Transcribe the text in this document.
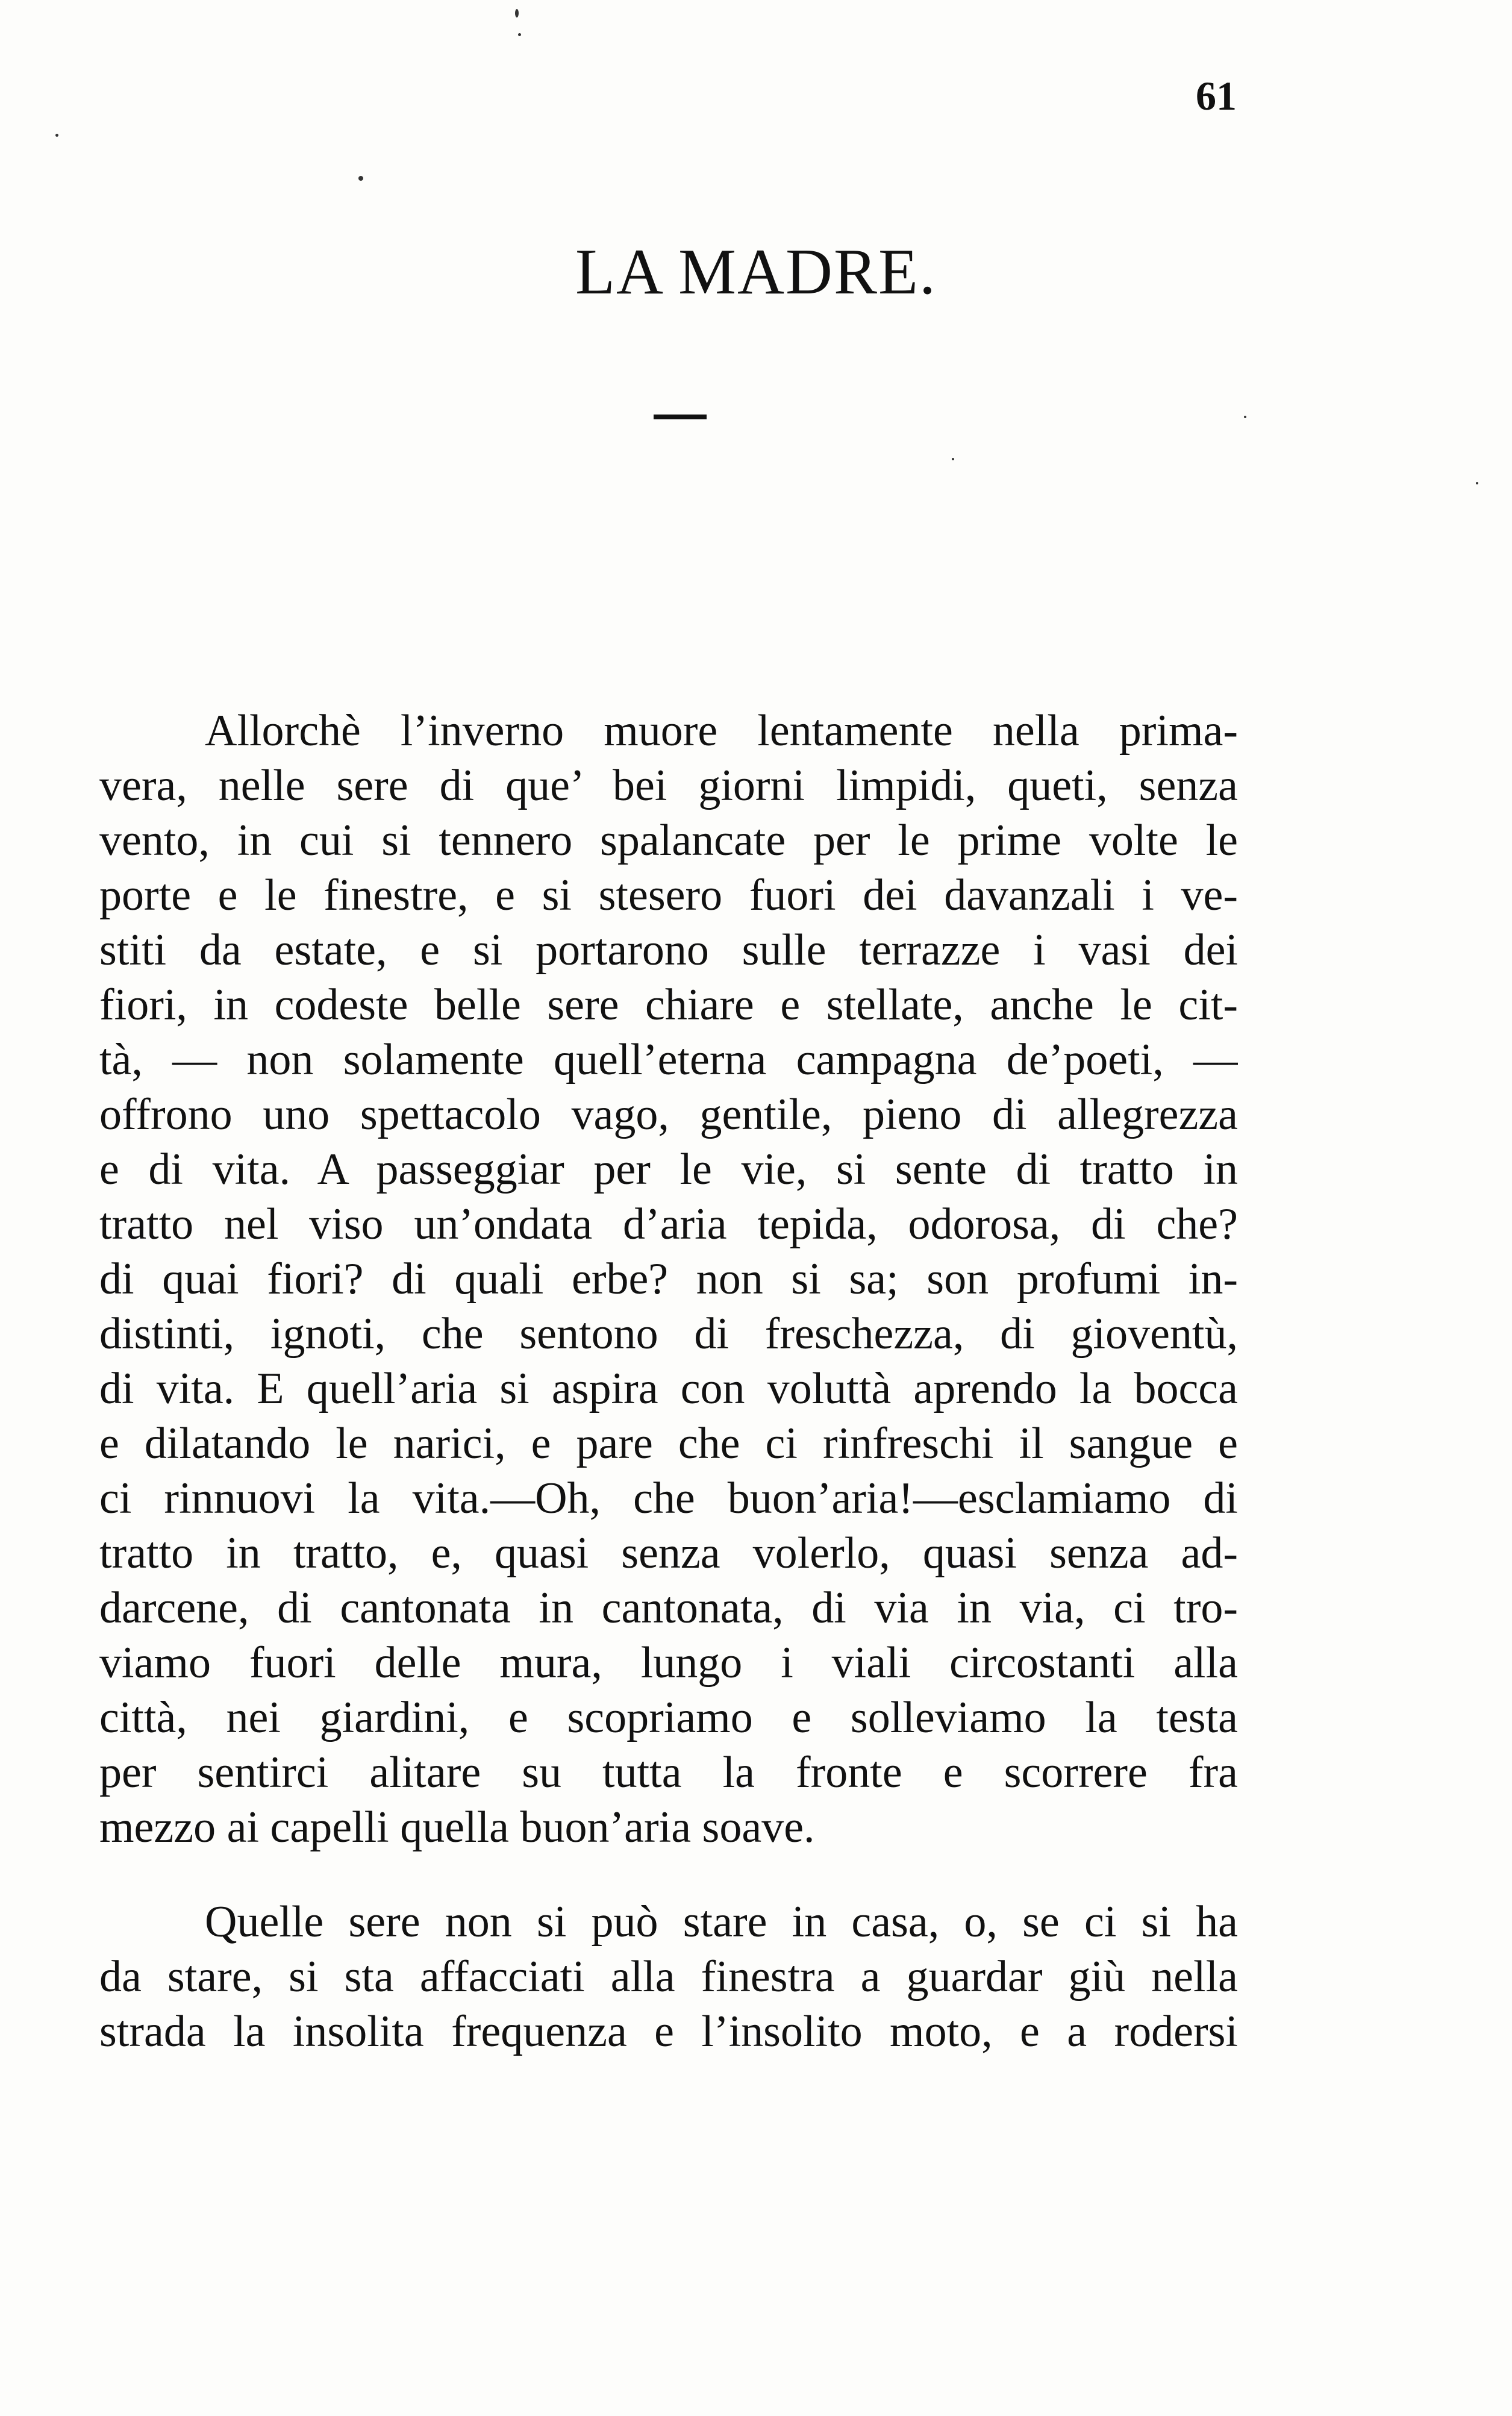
61
LA MADRE.
Allorchè l’inverno muore lentamente nella prima-
vera, nelle sere di que’ bei giorni limpidi, queti, senza
vento, in cui si tennero spalancate per le prime volte le
porte e le finestre, e si stesero fuori dei davanzali i ve-
stiti da estate, e si portarono sulle terrazze i vasi dei
fiori, in codeste belle sere chiare e stellate, anche le cit-
tà, — non solamente quell’eterna campagna de’poeti, —
offrono uno spettacolo vago, gentile, pieno di allegrezza
e di vita. A passeggiar per le vie, si sente di tratto in
tratto nel viso un’ondata d’aria tepida, odorosa, di che?
di quai fiori? di quali erbe? non si sa; son profumi in-
distinti, ignoti, che sentono di freschezza, di gioventù,
di vita. E quell’aria si aspira con voluttà aprendo la bocca
e dilatando le narici, e pare che ci rinfreschi il sangue e
ci rinnuovi la vita.—Oh, che buon’aria!—esclamiamo di
tratto in tratto, e, quasi senza volerlo, quasi senza ad-
darcene, di cantonata in cantonata, di via in via, ci tro-
viamo fuori delle mura, lungo i viali circostanti alla
città, nei giardini, e scopriamo e solleviamo la testa
per sentirci alitare su tutta la fronte e scorrere fra
mezzo ai capelli quella buon’aria soave.
Quelle sere non si può stare in casa, o, se ci si ha
da stare, si sta affacciati alla finestra a guardar giù nella
strada la insolita frequenza e l’insolito moto, e a rodersi
